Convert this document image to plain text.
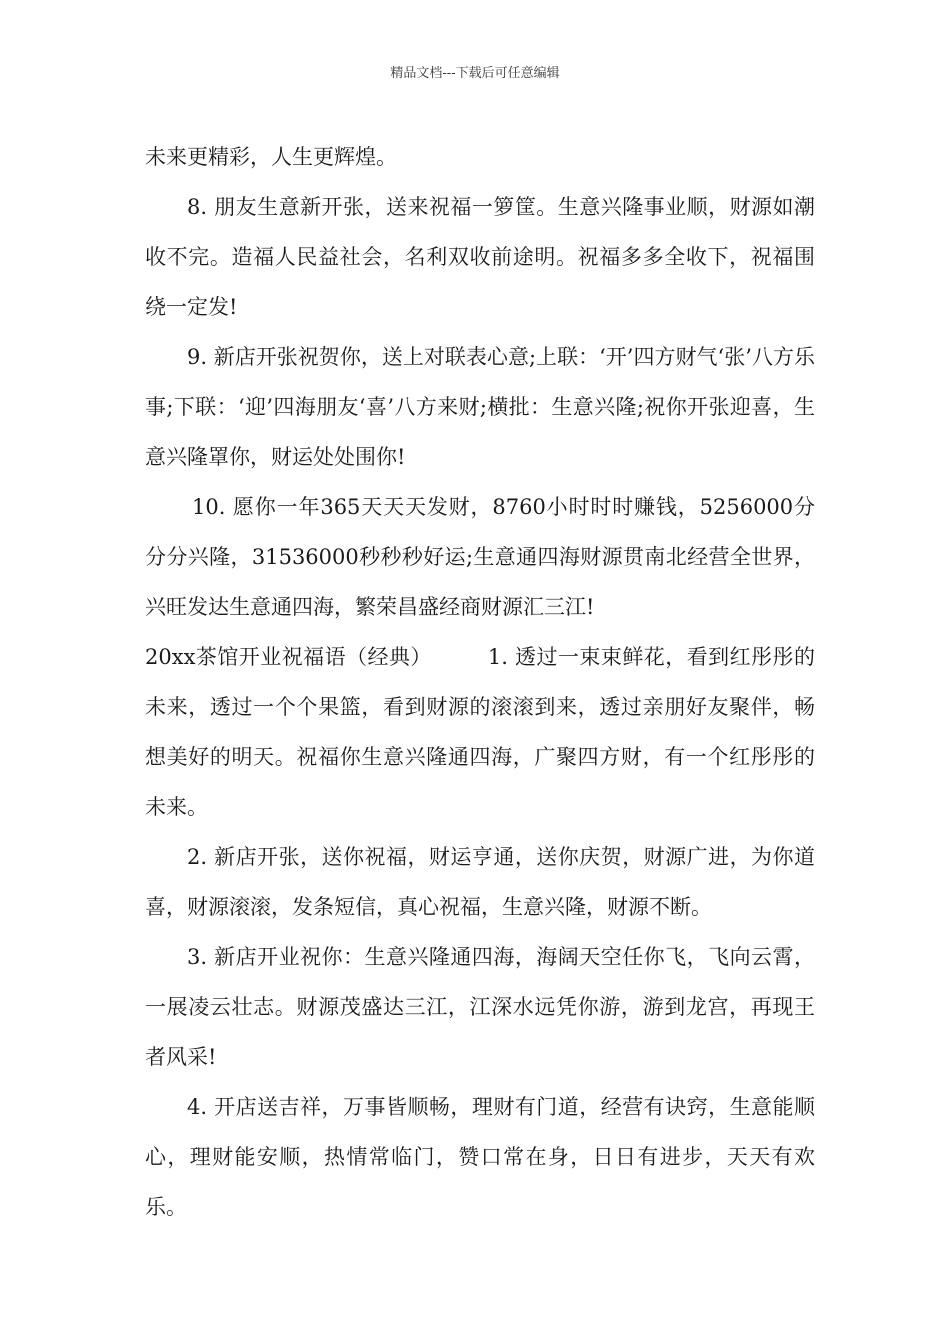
精品文档---下载后可任意编辑

未来更精彩，人生更辉煌。

8. 朋友生意新开张，送来祝福一箩筐。生意兴隆事业顺，财源如潮收不完。造福人民益社会，名利双收前途明。祝福多多全收下，祝福围绕一定发!

9. 新店开张祝贺你，送上对联表心意;上联：‘开’四方财气‘张’八方乐事;下联：‘迎’四海朋友‘喜’八方来财;横批：生意兴隆;祝你开张迎喜，生意兴隆罩你，财运处处围你!

10. 愿你一年365天天天发财，8760小时时时赚钱，5256000分分分兴隆，31536000秒秒秒好运;生意通四海财源贯南北经营全世界，兴旺发达生意通四海，繁荣昌盛经商财源汇三江!

20xx茶馆开业祝福语（经典）	1. 透过一束束鲜花，看到红彤彤的未来，透过一个个果篮，看到财源的滚滚到来，透过亲朋好友聚伴，畅想美好的明天。祝福你生意兴隆通四海，广聚四方财，有一个红彤彤的未来。

2. 新店开张，送你祝福，财运亨通，送你庆贺，财源广进，为你道喜，财源滚滚，发条短信，真心祝福，生意兴隆，财源不断。

3. 新店开业祝你：生意兴隆通四海，海阔天空任你飞，飞向云霄，一展凌云壮志。财源茂盛达三江，江深水远凭你游，游到龙宫，再现王者风采!

4. 开店送吉祥，万事皆顺畅，理财有门道，经营有诀窍，生意能顺心，理财能安顺，热情常临门，赞口常在身，日日有进步，天天有欢乐。
